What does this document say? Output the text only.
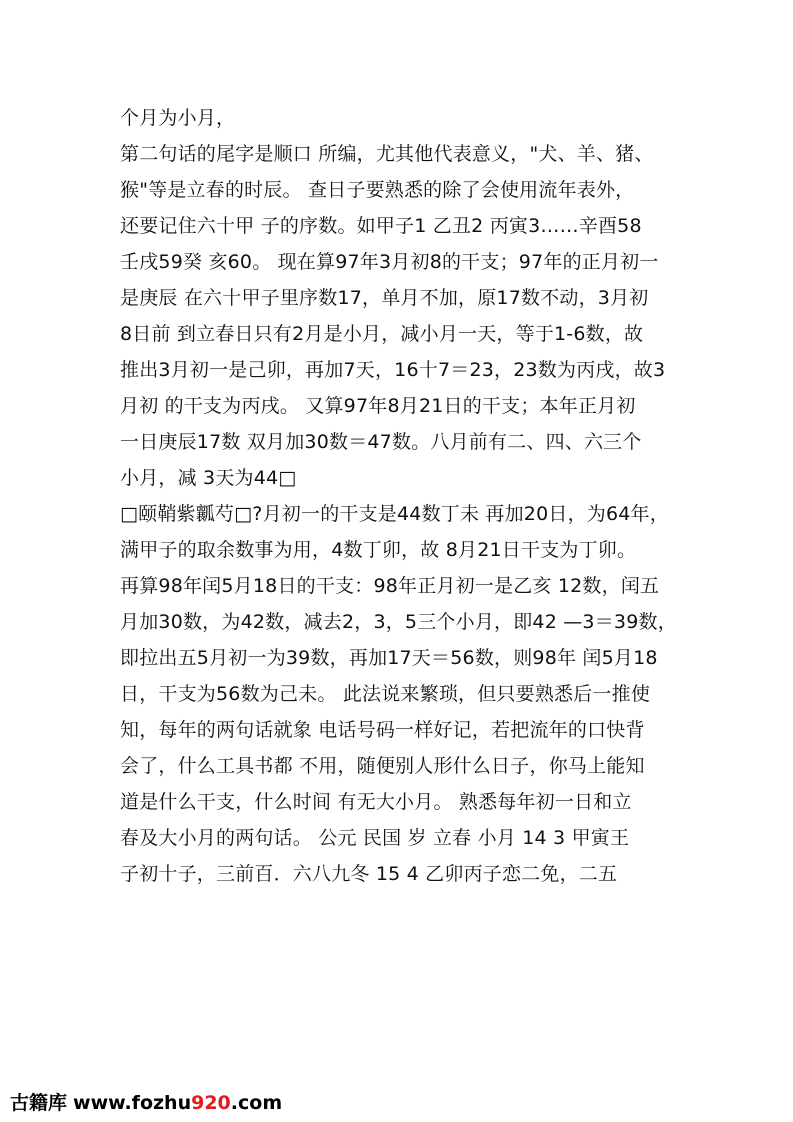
个月为小月，
第二句话的尾字是顺口 所编，尤其他代表意义，"犬、羊、猪、
猴"等是立春的时辰。 查日子要熟悉的除了会使用流年表外，
还要记住六十甲 子的序数。如甲子1 乙丑2 丙寅3……辛酉58
壬戌59癸 亥60。 现在算97年3月初8的干支；97年的正月初一
是庚辰 在六十甲子里序数17，单月不加，原17数不动，3月初
8日前 到立春日只有2月是小月，减小月一天，等于1-6数，故
推出3月初一是己卯，再加7天，16十7＝23，23数为丙戌，故3
月初 的干支为丙戌。 又算97年8月21日的干支；本年正月初
一日庚辰17数 双月加30数＝47数。八月前有二、四、六三个
小月，减 3天为44□
□颐鞘紫瓤芍□?月初一的干支是44数丁未 再加20日，为64年，
满甲子的取余数事为用，4数丁卯，故 8月21日干支为丁卯。
再算98年闰5月18日的干支：98年正月初一是乙亥 12数，闰五
月加30数，为42数，减去2，3，5三个小月，即42 —3＝39数，
即拉出五5月初一为39数，再加17天＝56数，则98年 闰5月18
日，干支为56数为己未。 此法说来繁琐，但只要熟悉后一推使
知，每年的两句话就象 电话号码一样好记，若把流年的口快背
会了，什么工具书都 不用，随便别人形什么日子，你马上能知
道是什么干支，什么时间 有无大小月。 熟悉每年初一日和立
春及大小月的两句话。 公元 民国 岁 立春 小月 14 3 甲寅王
子初十子，三前百．六八九冬 15 4 乙卯丙子恋二免，二五
古籍库 www.fozhu920.com
